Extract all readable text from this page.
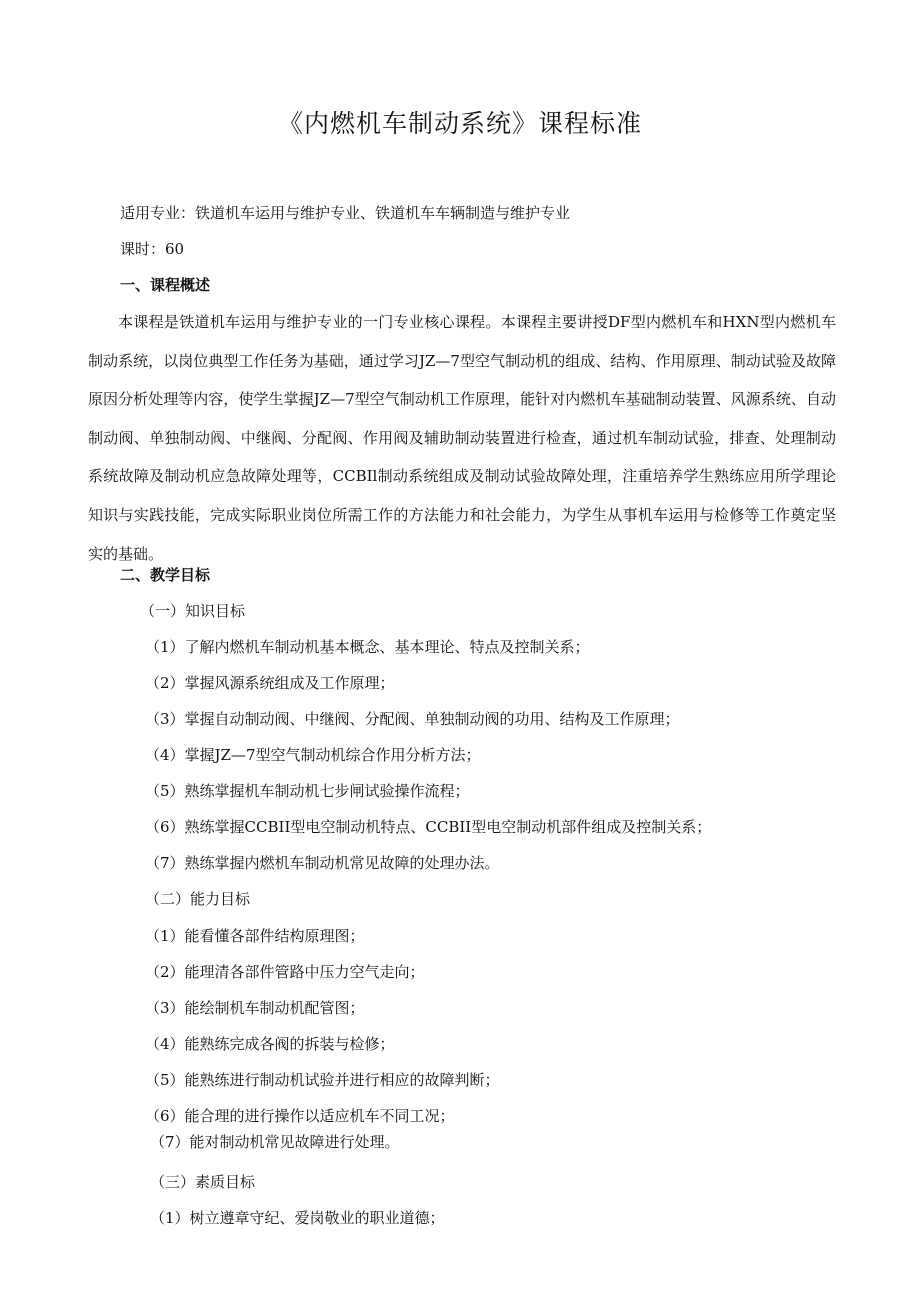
《内燃机车制动系统》课程标准

适用专业：铁道机车运用与维护专业、铁道机车车辆制造与维护专业

课时：60

一、课程概述

本课程是铁道机车运用与维护专业的一门专业核心课程。本课程主要讲授DF型内燃机车和HXN型内燃机车制动系统，以岗位典型工作任务为基础，通过学习JZ—7型空气制动机的组成、结构、作用原理、制动试验及故障原因分析处理等内容，使学生掌握JZ—7型空气制动机工作原理，能针对内燃机车基础制动装置、风源系统、自动制动阀、单独制动阀、中继阀、分配阀、作用阀及辅助制动装置进行检查，通过机车制动试验，排查、处理制动系统故障及制动机应急故障处理等，CCBIl制动系统组成及制动试验故障处理，注重培养学生熟练应用所学理论知识与实践技能，完成实际职业岗位所需工作的方法能力和社会能力，为学生从事机车运用与检修等工作奠定坚实的基础。

二、教学目标

（一）知识目标

（1）了解内燃机车制动机基本概念、基本理论、特点及控制关系；

（2）掌握风源系统组成及工作原理；

（3）掌握自动制动阀、中继阀、分配阀、单独制动阀的功用、结构及工作原理；

（4）掌握JZ—7型空气制动机综合作用分析方法；

（5）熟练掌握机车制动机七步闸试验操作流程；

（6）熟练掌握CCBII型电空制动机特点、CCBII型电空制动机部件组成及控制关系；

（7）熟练掌握内燃机车制动机常见故障的处理办法。

（二）能力目标

（1）能看懂各部件结构原理图；

（2）能理清各部件管路中压力空气走向；

（3）能绘制机车制动机配管图；

（4）能熟练完成各阀的拆装与检修；

（5）能熟练进行制动机试验并进行相应的故障判断；

（6）能合理的进行操作以适应机车不同工况；

（7）能对制动机常见故障进行处理。

（三）素质目标

（1）树立遵章守纪、爱岗敬业的职业道德；
